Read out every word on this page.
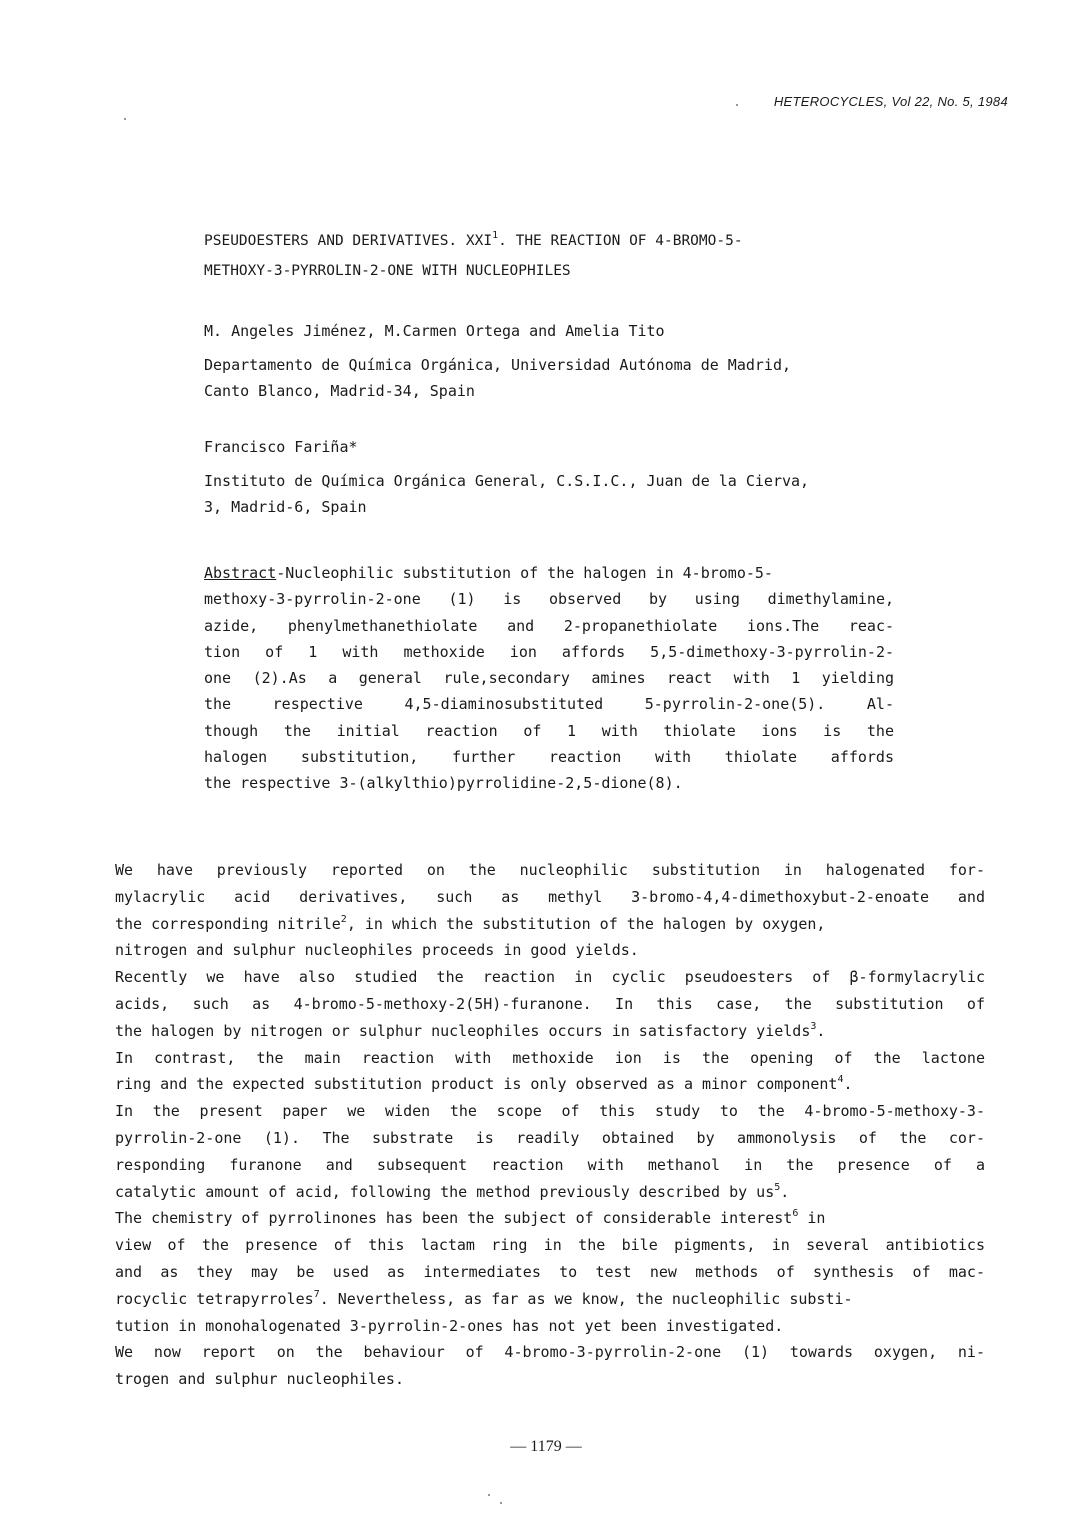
HETEROCYCLES, Vol 22, No. 5, 1984
PSEUDOESTERS AND DERIVATIVES. XXI$^1$. THE REACTION OF 4-BROMO-5-
METHOXY-3-PYRROLIN-2-ONE WITH NUCLEOPHILES
M. Angeles Jiménez, M.Carmen Ortega and Amelia Tito
Departamento de Química Orgánica, Universidad Autónoma de Madrid,
Canto Blanco, Madrid-34, Spain
Francisco Fariña*
Instituto de Química Orgánica General, C.S.I.C., Juan de la Cierva,
3, Madrid-6, Spain
Abstract-Nucleophilic substitution of the halogen in 4-bromo-5-
methoxy-3-pyrrolin-2-one (1) is observed by using dimethylamine,
azide, phenylmethanethiolate and 2-propanethiolate ions.The reac-
tion of 1 with methoxide ion affords 5,5-dimethoxy-3-pyrrolin-2-
one (2).As a general rule,secondary amines react with 1 yielding
the respective 4,5-diaminosubstituted 5-pyrrolin-2-one(5). Al-
though the initial reaction of 1 with thiolate ions is the
halogen substitution, further reaction with thiolate affords
the respective 3-(alkylthio)pyrrolidine-2,5-dione(8).
We have previously reported on the nucleophilic substitution in halogenated for-
mylacrylic acid derivatives, such as methyl 3-bromo-4,4-dimethoxybut-2-enoate and
the corresponding nitrile$^2$, in which the substitution of the halogen by oxygen,
nitrogen and sulphur nucleophiles proceeds in good yields.
Recently we have also studied the reaction in cyclic pseudoesters of β-formylacrylic
acids, such as 4-bromo-5-methoxy-2(5H)-furanone. In this case, the substitution of
the halogen by nitrogen or sulphur nucleophiles occurs in satisfactory yields$^3$.
In contrast, the main reaction with methoxide ion is the opening of the lactone
ring and the expected substitution product is only observed as a minor component$^4$.
In the present paper we widen the scope of this study to the 4-bromo-5-methoxy-3-
pyrrolin-2-one (1). The substrate is readily obtained by ammonolysis of the cor-
responding furanone and subsequent reaction with methanol in the presence of a
catalytic amount of acid, following the method previously described by $us^5$.
The chemistry of pyrrolinones has been the subject of considerable interest$^6$ in
view of the presence of this lactam ring in the bile pigments, in several antibiotics
and as they may be used as intermediates to test new methods of synthesis of mac-
rocyclic tetrapyrroles$^7$. Nevertheless, as far as we know, the nucleophilic substi-
tution in monohalogenated 3-pyrrolin-2-ones has not yet been investigated.
We now report on the behaviour of 4-bromo-3-pyrrolin-2-one (1) towards oxygen, ni-
trogen and sulphur nucleophiles.
— 1179 —
